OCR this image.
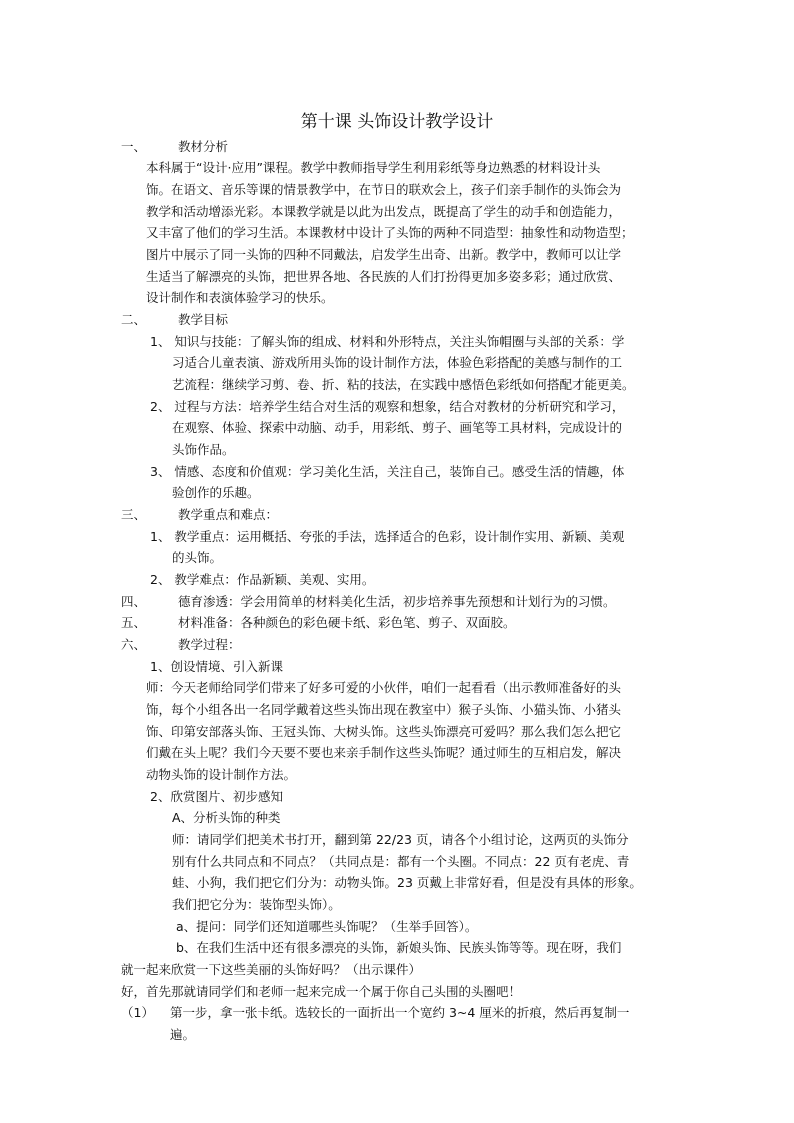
第十课 头饰设计教学设计
一、	教材分析
本科属于“设计·应用”课程。教学中教师指导学生利用彩纸等身边熟悉的材料设计头
饰。在语文、音乐等课的情景教学中，在节日的联欢会上，孩子们亲手制作的头饰会为
教学和活动增添光彩。本课教学就是以此为出发点，既提高了学生的动手和创造能力，
又丰富了他们的学习生活。本课教材中设计了头饰的两种不同造型：抽象性和动物造型；
图片中展示了同一头饰的四种不同戴法，启发学生出奇、出新。教学中，教师可以让学
生适当了解漂亮的头饰，把世界各地、各民族的人们打扮得更加多姿多彩；通过欣赏、
设计制作和表演体验学习的快乐。
二、	教学目标
1、 知识与技能：了解头饰的组成、材料和外形特点，关注头饰帽圈与头部的关系：学
习适合儿童表演、游戏所用头饰的设计制作方法，体验色彩搭配的美感与制作的工
艺流程：继续学习剪、卷、折、粘的技法，在实践中感悟色彩纸如何搭配才能更美。
2、 过程与方法：培养学生结合对生活的观察和想象，结合对教材的分析研究和学习，
在观察、体验、探索中动脑、动手，用彩纸、剪子、画笔等工具材料，完成设计的
头饰作品。
3、 情感、态度和价值观：学习美化生活，关注自己，装饰自己。感受生活的情趣，体
验创作的乐趣。
三、	教学重点和难点：
1、 教学重点：运用概括、夸张的手法，选择适合的色彩，设计制作实用、新颖、美观
的头饰。
2、 教学难点：作品新颖、美观、实用。
四、	德育渗透：学会用简单的材料美化生活，初步培养事先预想和计划行为的习惯。
五、	材料准备：各种颜色的彩色硬卡纸、彩色笔、剪子、双面胶。
六、	教学过程：
1、创设情境、引入新课
师：今天老师给同学们带来了好多可爱的小伙伴，咱们一起看看（出示教师准备好的头
饰，每个小组各出一名同学戴着这些头饰出现在教室中）猴子头饰、小猫头饰、小猪头
饰、印第安部落头饰、王冠头饰、大树头饰。这些头饰漂亮可爱吗？那么我们怎么把它
们戴在头上呢？我们今天要不要也来亲手制作这些头饰呢？通过师生的互相启发，解决
动物头饰的设计制作方法。
2、欣赏图片、初步感知
A、分析头饰的种类
师：请同学们把美术书打开，翻到第 22/23 页，请各个小组讨论，这两页的头饰分
别有什么共同点和不同点？（共同点是：都有一个头圈。不同点：22 页有老虎、青
蛙、小狗，我们把它们分为：动物头饰。23 页戴上非常好看，但是没有具体的形象。
我们把它分为：装饰型头饰）。
a、提问：同学们还知道哪些头饰呢？（生举手回答）。
b、在我们生活中还有很多漂亮的头饰，新娘头饰、民族头饰等等。现在呀，我们
就一起来欣赏一下这些美丽的头饰好吗？（出示课件）
好，首先那就请同学们和老师一起来完成一个属于你自己头围的头圈吧！
（1） 第一步，拿一张卡纸。选较长的一面折出一个宽约 3~4 厘米的折痕，然后再复制一
遍。
